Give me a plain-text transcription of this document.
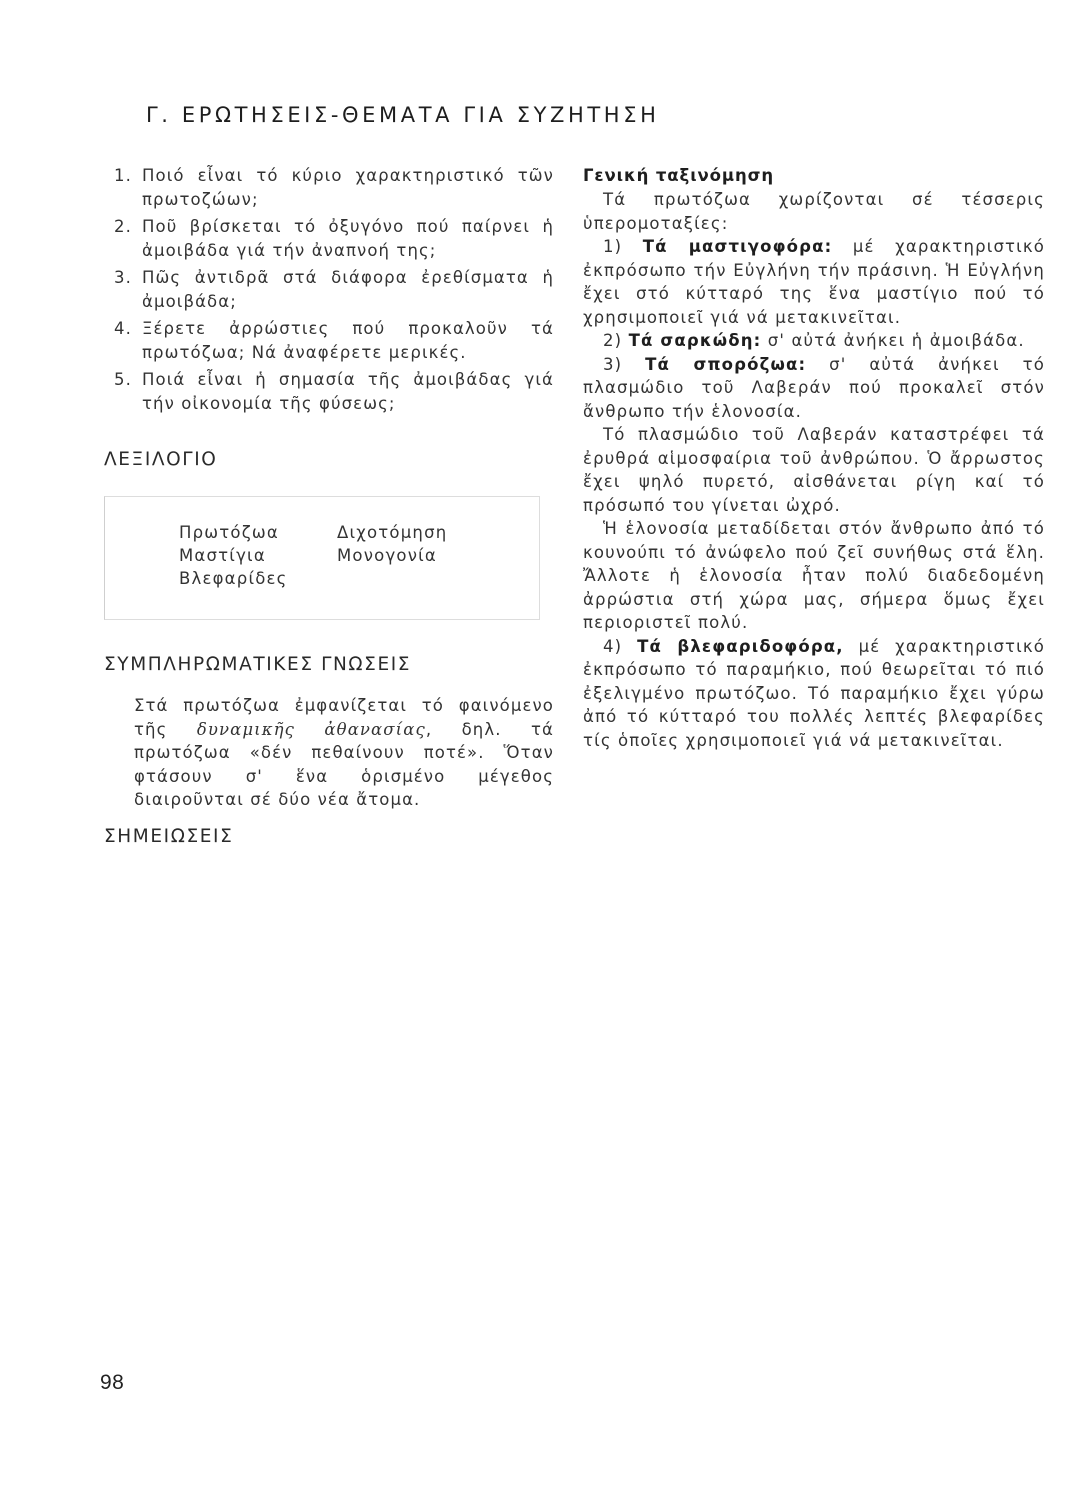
Γ. ΕΡΩΤΗΣΕΙΣ-ΘΕΜΑΤΑ ΓΙΑ ΣΥΖΗΤΗΣΗ
1. Ποιό εἶναι τό κύριο χαρακτηριστικό τῶν πρωτοζώων;
2. Ποῦ βρίσκεται τό ὀξυγόνο πού παίρνει ἡ ἀμοιβάδα γιά τήν ἀναπνοή της;
3. Πῶς ἀντιδρᾶ στά διάφορα ἐρεθίσματα ἡ ἀμοιβάδα;
4. Ξέρετε ἀρρώστιες πού προκαλοῦν τά πρωτόζωα; Νά ἀναφέρετε μερικές.
5. Ποιά εἶναι ἡ σημασία τῆς ἀμοιβάδας γιά τήν οἰκονομία τῆς φύσεως;
ΛΕΞΙΛΟΓΙΟ
Πρωτόζωα
Μαστίγια
Βλεφαρίδες
Διχοτόμηση
Μονογονία
ΣΥΜΠΛΗΡΩΜΑΤΙΚΕΣ ΓΝΩΣΕΙΣ

Στά πρωτόζωα ἐμφανίζεται τό φαινόμενο τῆς δυναμικῆς ἀθανασίας, δηλ. τά πρωτόζωα «δέν πεθαίνουν ποτέ». Ὅταν φτάσουν σ' ἕνα ὁρισμένο μέγεθος διαιροῦνται σέ δύο νέα ἄτομα.

ΣΗΜΕΙΩΣΕΙΣ
Γενική ταξινόμηση

Τά πρωτόζωα χωρίζονται σέ τέσσερις ὑπερομοταξίες:

1) Τά μαστιγοφόρα: μέ χαρακτηριστικό ἐκπρόσωπο τήν Εὐγλήνη τήν πράσινη. Ἡ Εὐγλήνη ἔχει στό κύτταρό της ἕνα μαστίγιο πού τό χρησιμοποιεῖ γιά νά μετακινεῖται.

2) Τά σαρκώδη: σ' αὐτά ἀνήκει ἡ ἀμοιβάδα.

3) Τά σπορόζωα: σ' αὐτά ἀνήκει τό πλασμώδιο τοῦ Λαβεράν πού προκαλεῖ στόν ἄνθρωπο τήν ἑλονοσία.

Τό πλασμώδιο τοῦ Λαβεράν καταστρέφει τά ἐρυθρά αἱμοσφαίρια τοῦ ἀνθρώπου. Ὁ ἄρρωστος ἔχει ψηλό πυρετό, αἰσθάνεται ρίγη καί τό πρόσωπό του γίνεται ὠχρό.

Ἡ ἑλονοσία μεταδίδεται στόν ἄνθρωπο ἀπό τό κουνούπι τό ἀνώφελο πού ζεῖ συνήθως στά ἕλη. Ἄλλοτε ἡ ἑλονοσία ἦταν πολύ διαδεδομένη ἀρρώστια στή χώρα μας, σήμερα ὅμως ἔχει περιοριστεῖ πολύ.

4) Τά βλεφαριδοφόρα, μέ χαρακτηριστικό ἐκπρόσωπο τό παραμήκιο, πού θεωρεῖται τό πιό ἐξελιγμένο πρωτόζωο. Τό παραμήκιο ἔχει γύρω ἀπό τό κύτταρό του πολλές λεπτές βλεφαρίδες τίς ὁποῖες χρησιμοποιεῖ γιά νά μετακινεῖται.

98
